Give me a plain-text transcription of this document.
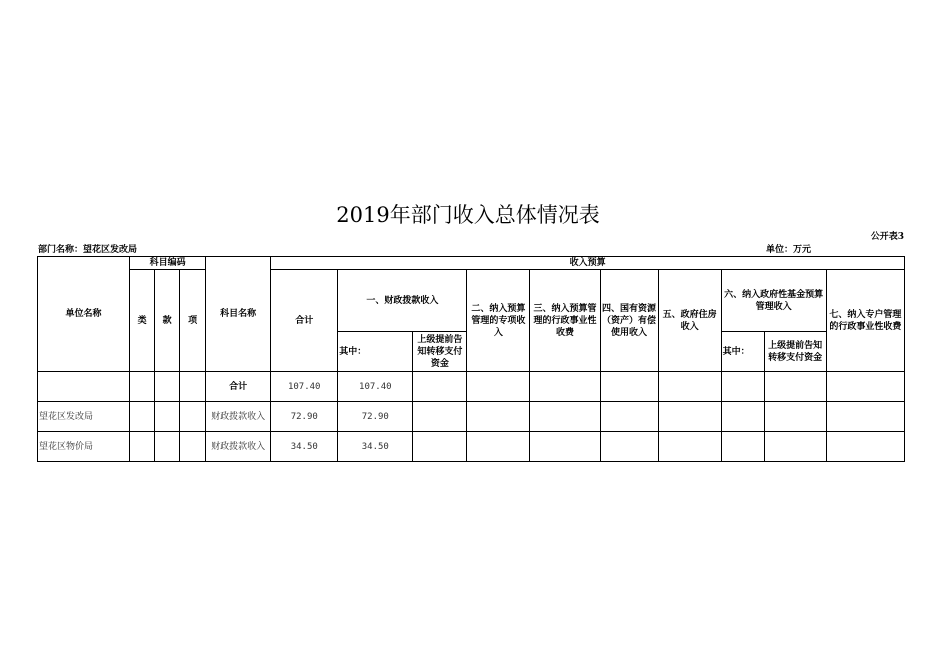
2019年部门收入总体情况表
公开表3
部门名称：望花区发改局	单位：万元
单位名称	科目编码			科目名称	收入预算									
	类	款	项		合计	一、财政拨款收入		二、纳入预算管理的专项收入	三、纳入预算管理的行政事业性收费	四、国有资源（资产）有偿使用收入	五、政府住房收入	六、纳入政府性基金预算管理收入		七、纳入专户管理的行政事业性收费
						其中：	上级提前告知转移支付资金					其中：	上级提前告知转移支付资金	

				合计	107.40	107.40								
望花区发改局				财政拨款收入	72.90	72.90								
望花区物价局				财政拨款收入	34.50	34.50								
